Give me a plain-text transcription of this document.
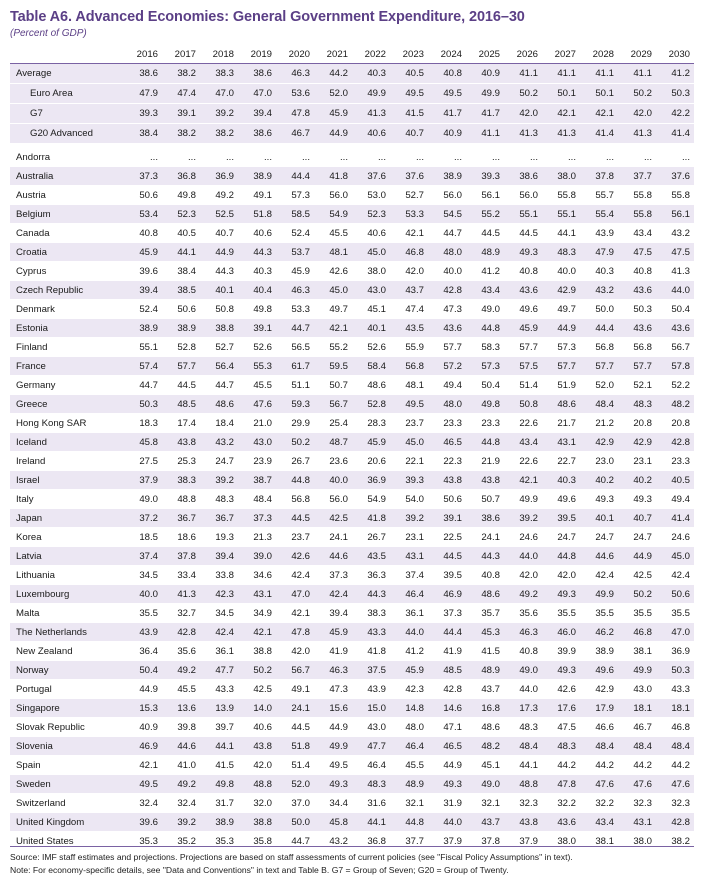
Table A6. Advanced Economies: General Government Expenditure, 2016–30
(Percent of GDP)
	2016	2017	2018	2019	2020	2021	2022	2023	2024	2025	2026	2027	2028	2029	2030
Average	38.6	38.2	38.3	38.6	46.3	44.2	40.3	40.5	40.8	40.9	41.1	41.1	41.1	41.1	41.2
Euro Area	47.9	47.4	47.0	47.0	53.6	52.0	49.9	49.5	49.5	49.9	50.2	50.1	50.1	50.2	50.3
G7	39.3	39.1	39.2	39.4	47.8	45.9	41.3	41.5	41.7	41.7	42.0	42.1	42.1	42.0	42.2
G20 Advanced	38.4	38.2	38.2	38.6	46.7	44.9	40.6	40.7	40.9	41.1	41.3	41.3	41.4	41.3	41.4

Andorra	...	...	...	...	...	...	...	...	...	...	...	...	...	...	...
Australia	37.3	36.8	36.9	38.9	44.4	41.8	37.6	37.6	38.9	39.3	38.6	38.0	37.8	37.7	37.6
Austria	50.6	49.8	49.2	49.1	57.3	56.0	53.0	52.7	56.0	56.1	56.0	55.8	55.7	55.8	55.8
Belgium	53.4	52.3	52.5	51.8	58.5	54.9	52.3	53.3	54.5	55.2	55.1	55.1	55.4	55.8	56.1
Canada	40.8	40.5	40.7	40.6	52.4	45.5	40.6	42.1	44.7	44.5	44.5	44.1	43.9	43.4	43.2
Croatia	45.9	44.1	44.9	44.3	53.7	48.1	45.0	46.8	48.0	48.9	49.3	48.3	47.9	47.5	47.5
Cyprus	39.6	38.4	44.3	40.3	45.9	42.6	38.0	42.0	40.0	41.2	40.8	40.0	40.3	40.8	41.3
Czech Republic	39.4	38.5	40.1	40.4	46.3	45.0	43.0	43.7	42.8	43.4	43.6	42.9	43.2	43.6	44.0
Denmark	52.4	50.6	50.8	49.8	53.3	49.7	45.1	47.4	47.3	49.0	49.6	49.7	50.0	50.3	50.4
Estonia	38.9	38.9	38.8	39.1	44.7	42.1	40.1	43.5	43.6	44.8	45.9	44.9	44.4	43.6	43.6
Finland	55.1	52.8	52.7	52.6	56.5	55.2	52.6	55.9	57.7	58.3	57.7	57.3	56.8	56.8	56.7
France	57.4	57.7	56.4	55.3	61.7	59.5	58.4	56.8	57.2	57.3	57.5	57.7	57.7	57.7	57.8
Germany	44.7	44.5	44.7	45.5	51.1	50.7	48.6	48.1	49.4	50.4	51.4	51.9	52.0	52.1	52.2
Greece	50.3	48.5	48.6	47.6	59.3	56.7	52.8	49.5	48.0	49.8	50.8	48.6	48.4	48.3	48.2
Hong Kong SAR	18.3	17.4	18.4	21.0	29.9	25.4	28.3	23.7	23.3	23.3	22.6	21.7	21.2	20.8	20.8
Iceland	45.8	43.8	43.2	43.0	50.2	48.7	45.9	45.0	46.5	44.8	43.4	43.1	42.9	42.9	42.8
Ireland	27.5	25.3	24.7	23.9	26.7	23.6	20.6	22.1	22.3	21.9	22.6	22.7	23.0	23.1	23.3
Israel	37.9	38.3	39.2	38.7	44.8	40.0	36.9	39.3	43.8	43.8	42.1	40.3	40.2	40.2	40.5
Italy	49.0	48.8	48.3	48.4	56.8	56.0	54.9	54.0	50.6	50.7	49.9	49.6	49.3	49.3	49.4
Japan	37.2	36.7	36.7	37.3	44.5	42.5	41.8	39.2	39.1	38.6	39.2	39.5	40.1	40.7	41.4
Korea	18.5	18.6	19.3	21.3	23.7	24.1	26.7	23.1	22.5	24.1	24.6	24.7	24.7	24.7	24.6
Latvia	37.4	37.8	39.4	39.0	42.6	44.6	43.5	43.1	44.5	44.3	44.0	44.8	44.6	44.9	45.0
Lithuania	34.5	33.4	33.8	34.6	42.4	37.3	36.3	37.4	39.5	40.8	42.0	42.0	42.4	42.5	42.4
Luxembourg	40.0	41.3	42.3	43.1	47.0	42.4	44.3	46.4	46.9	48.6	49.2	49.3	49.9	50.2	50.6
Malta	35.5	32.7	34.5	34.9	42.1	39.4	38.3	36.1	37.3	35.7	35.6	35.5	35.5	35.5	35.5
The Netherlands	43.9	42.8	42.4	42.1	47.8	45.9	43.3	44.0	44.4	45.3	46.3	46.0	46.2	46.8	47.0
New Zealand	36.4	35.6	36.1	38.8	42.0	41.9	41.8	41.2	41.9	41.5	40.8	39.9	38.9	38.1	36.9
Norway	50.4	49.2	47.7	50.2	56.7	46.3	37.5	45.9	48.5	48.9	49.0	49.3	49.6	49.9	50.3
Portugal	44.9	45.5	43.3	42.5	49.1	47.3	43.9	42.3	42.8	43.7	44.0	42.6	42.9	43.0	43.3
Singapore	15.3	13.6	13.9	14.0	24.1	15.6	15.0	14.8	14.6	16.8	17.3	17.6	17.9	18.1	18.1
Slovak Republic	40.9	39.8	39.7	40.6	44.5	44.9	43.0	48.0	47.1	48.6	48.3	47.5	46.6	46.7	46.8
Slovenia	46.9	44.6	44.1	43.8	51.8	49.9	47.7	46.4	46.5	48.2	48.4	48.3	48.4	48.4	48.4
Spain	42.1	41.0	41.5	42.0	51.4	49.5	46.4	45.5	44.9	45.1	44.1	44.2	44.2	44.2	44.2
Sweden	49.5	49.2	49.8	48.8	52.0	49.3	48.3	48.9	49.3	49.0	48.8	47.8	47.6	47.6	47.6
Switzerland	32.4	32.4	31.7	32.0	37.0	34.4	31.6	32.1	31.9	32.1	32.3	32.2	32.2	32.3	32.3
United Kingdom	39.6	39.2	38.9	38.8	50.0	45.8	44.1	44.8	44.0	43.7	43.8	43.6	43.4	43.1	42.8
United States	35.3	35.2	35.3	35.8	44.7	43.2	36.8	37.7	37.9	37.8	37.9	38.0	38.1	38.0	38.2
Source: IMF staff estimates and projections. Projections are based on staff assessments of current policies (see "Fiscal Policy Assumptions" in text).
Note: For economy-specific details, see "Data and Conventions" in text and Table B. G7 = Group of Seven; G20 = Group of Twenty.
